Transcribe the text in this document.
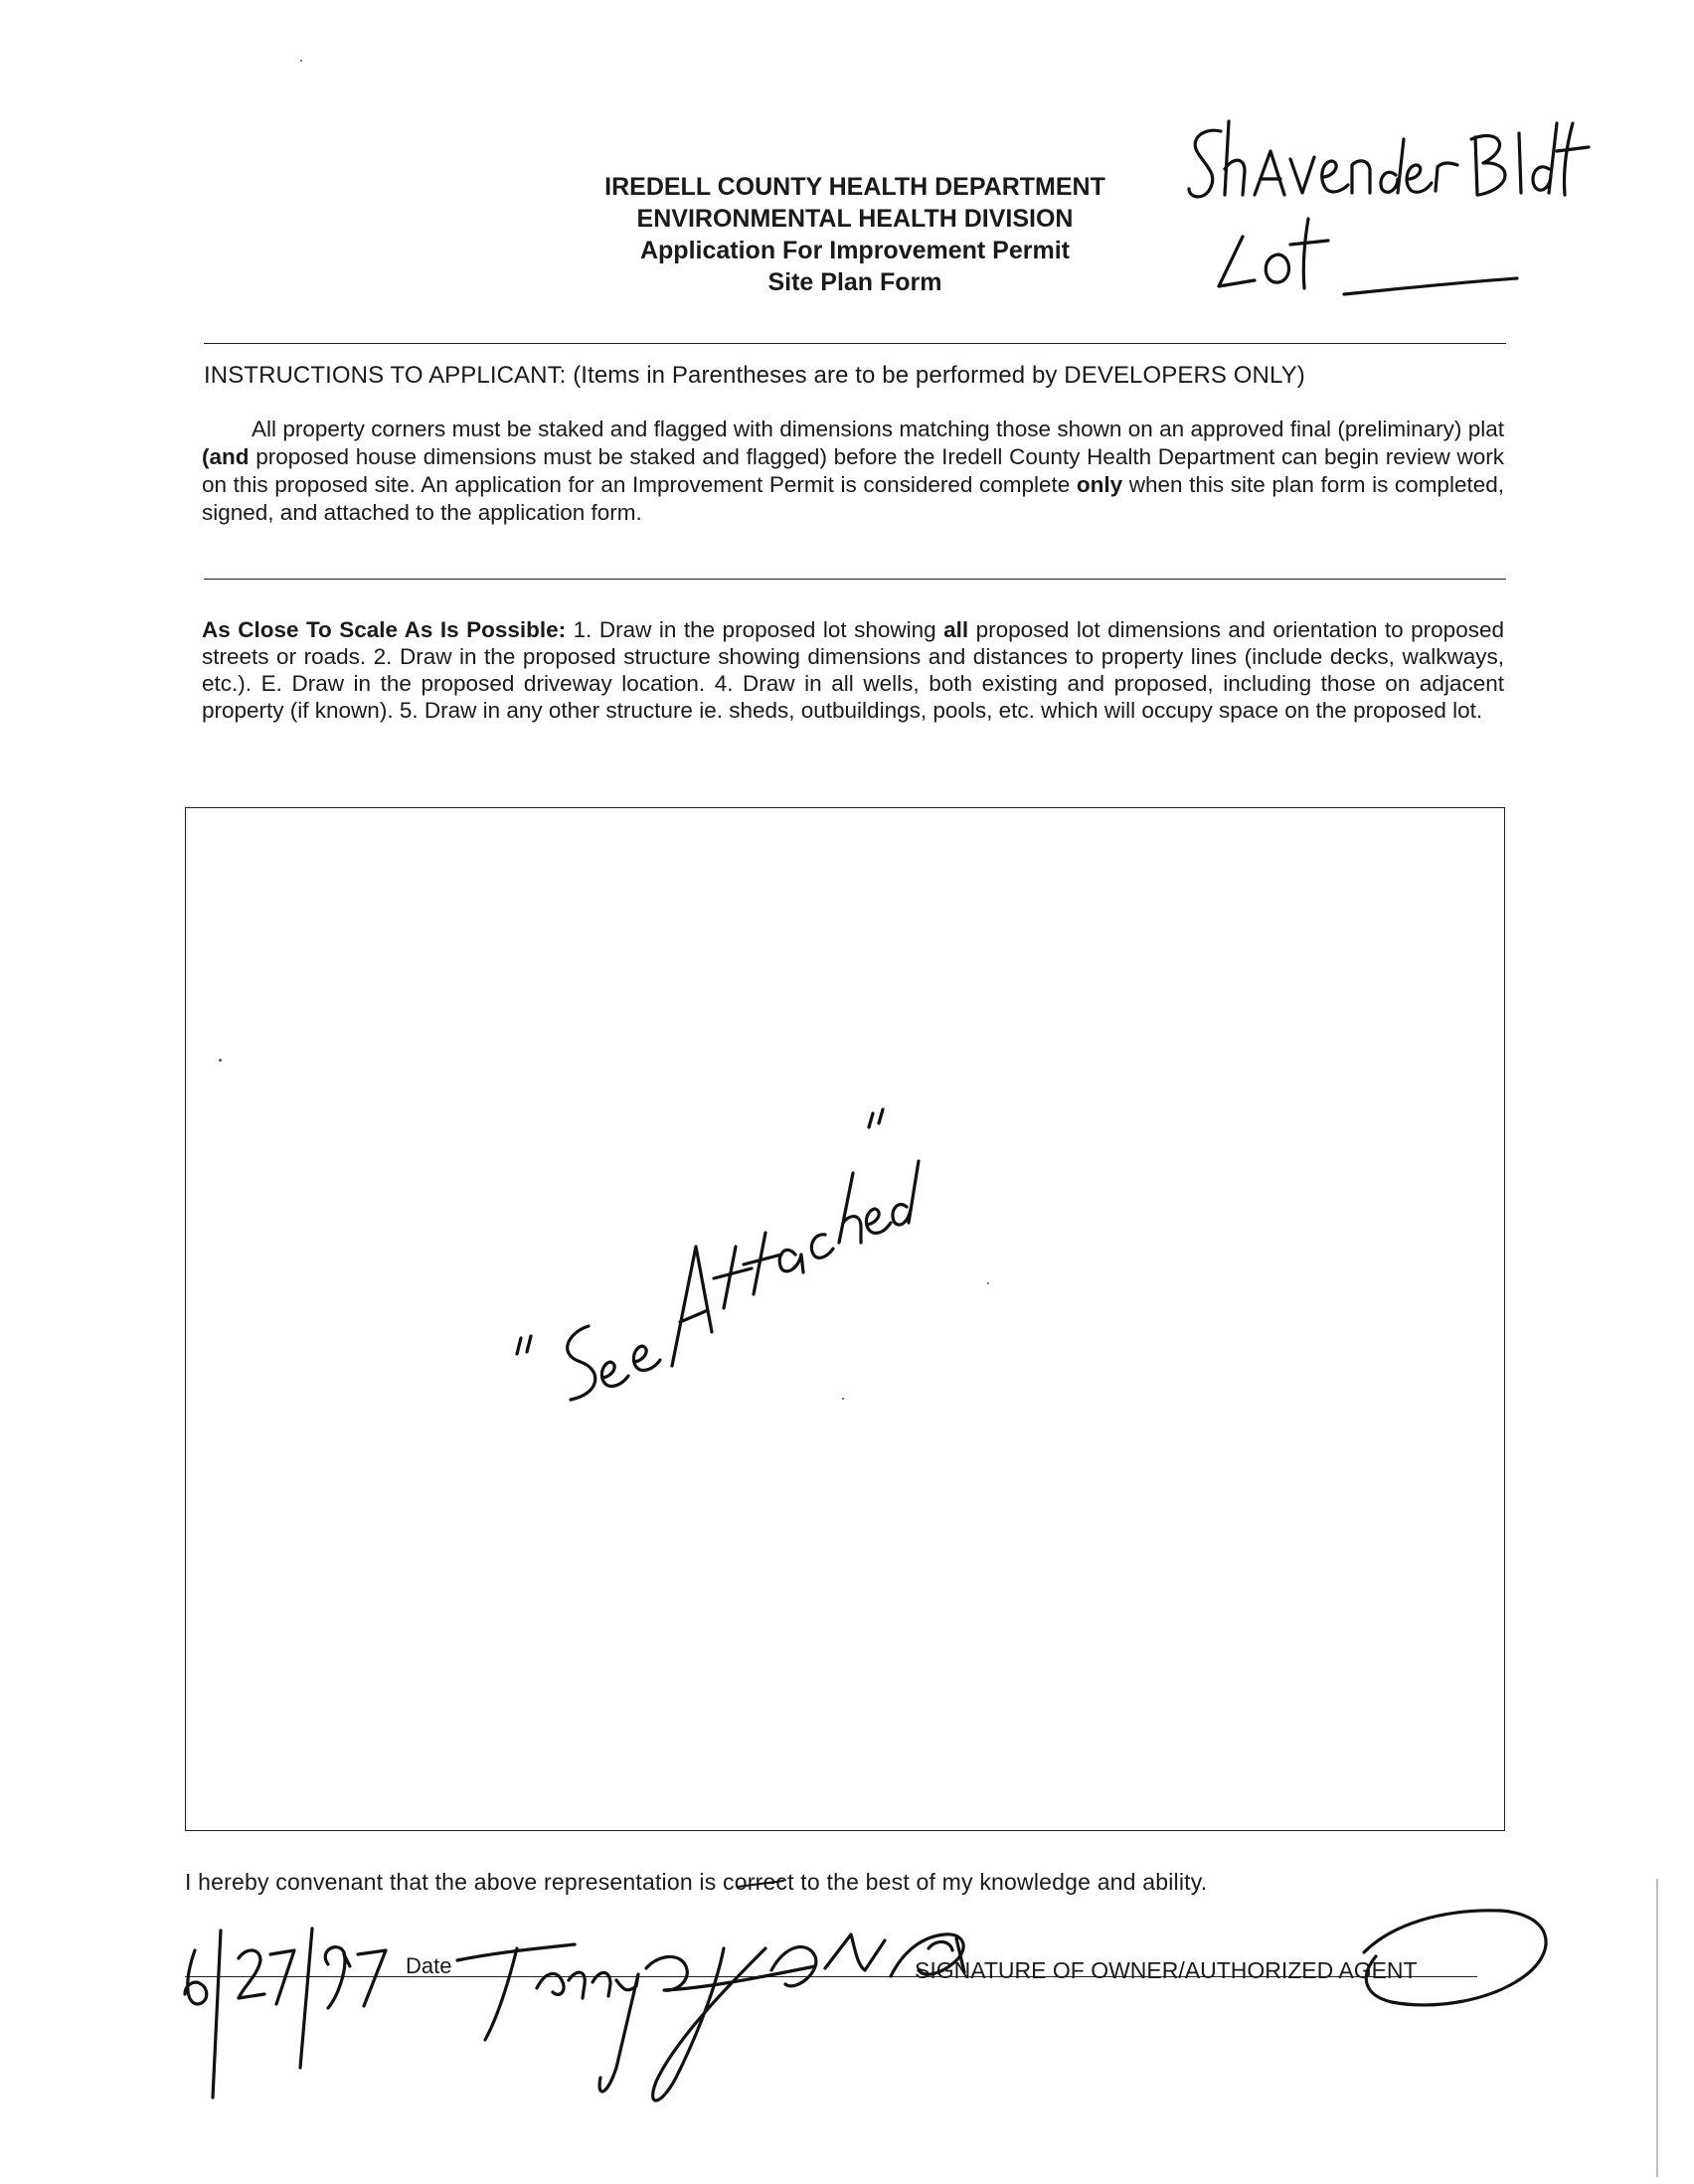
IREDELL COUNTY HEALTH DEPARTMENT
ENVIRONMENTAL HEALTH DIVISION
Application For Improvement Permit
Site Plan Form
INSTRUCTIONS TO APPLICANT: (Items in Parentheses are to be performed by DEVELOPERS ONLY)

All property corners must be staked and flagged with dimensions matching those shown on an approved final (preliminary) plat (and proposed house dimensions must be staked and flagged) before the Iredell County Health Department can begin review work on this proposed site. An application for an Improvement Permit is considered complete only when this site plan form is completed, signed, and attached to the application form.

As Close To Scale As Is Possible: 1. Draw in the proposed lot showing all proposed lot dimensions and orientation to proposed streets or roads. 2. Draw in the proposed structure showing dimensions and distances to property lines (include decks, walkways, etc.). E. Draw in the proposed driveway location. 4. Draw in all wells, both existing and proposed, including those on adjacent property (if known). 5. Draw in any other structure ie. sheds, outbuildings, pools, etc. which will occupy space on the proposed lot.
I hereby convenant that the above representation is correct to the best of my knowledge and ability.
Date	SIGNATURE OF OWNER/AUTHORIZED AGENT
